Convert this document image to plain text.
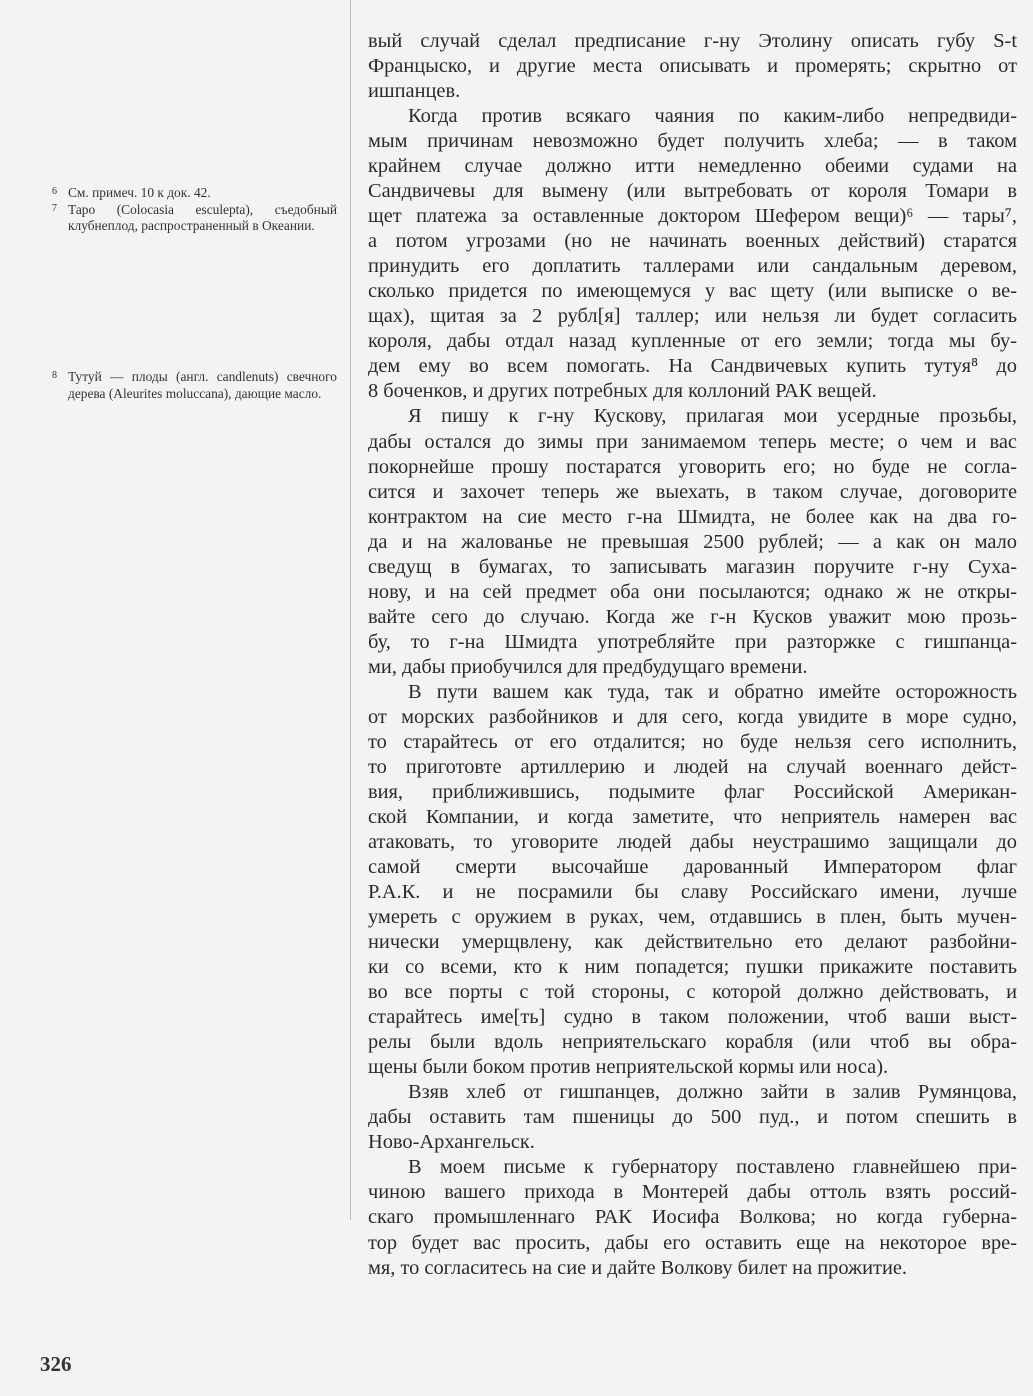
6 См. примеч. 10 к док. 42.
7 Таро (Colocasia esculepta), съедобный клубнеплод, распространенный в Океании.
8 Тутуй — плоды (англ. candlenuts) свечного дерева (Aleurites moluccana), дающие масло.
вый случай сделал предписание г-ну Этолину описать губу S-t
Францыско, и другие места описывать и промерять; скрытно от
ишпанцев.
Когда против всякаго чаяния по каким-либо непредвиди-
мым причинам невозможно будет получить хлеба; — в таком
крайнем случае должно итти немедленно обеими судами на
Сандвичевы для вымену (или вытребовать от короля Томари в
щет платежа за оставленные доктором Шефером вещи)⁶ — тары⁷,
а потом угрозами (но не начинать военных действий) старатся
принудить его доплатить таллерами или сандальным деревом,
сколько придется по имеющемуся у вас щету (или выписке о ве-
щах), щитая за 2 рубл[я] таллер; или нельзя ли будет согласить
короля, дабы отдал назад купленные от его земли; тогда мы бу-
дем ему во всем помогать. На Сандвичевых купить тутуя⁸ до
8 боченков, и других потребных для коллоний РАК вещей.
Я пишу к г-ну Кускову, прилагая мои усердные прозьбы,
дабы остался до зимы при занимаемом теперь месте; о чем и вас
покорнейше прошу постаратся уговорить его; но буде не согла-
сится и захочет теперь же выехать, в таком случае, договорите
контрактом на сие место г-на Шмидта, не более как на два го-
да и на жалованье не превышая 2500 рублей; — а как он мало
сведущ в бумагах, то записывать магазин поручите г-ну Суха-
нову, и на сей предмет оба они посылаются; однако ж не откры-
вайте сего до случаю. Когда же г-н Кусков уважит мою прозь-
бу, то г-на Шмидта употребляйте при разторжке с гишпанца-
ми, дабы приобучился для предбудущаго времени.
В пути вашем как туда, так и обратно имейте осторожность
от морских разбойников и для сего, когда увидите в море судно,
то старайтесь от его отдалится; но буде нельзя сего исполнить,
то приготовте артиллерию и людей на случай военнаго дейст-
вия, приближившись, подымите флаг Российской Американ-
ской Компании, и когда заметите, что неприятель намерен вас
атаковать, то уговорите людей дабы неустрашимо защищали до
самой смерти высочайше дарованный Императором флаг
Р.А.К. и не посрамили бы славу Российскаго имени, лучше
умереть с оружием в руках, чем, отдавшись в плен, быть мучен-
нически умерщвлену, как действительно ето делают разбойни-
ки со всеми, кто к ним попадется; пушки прикажите поставить
во все порты с той стороны, с которой должно действовать, и
старайтесь име[ть] судно в таком положении, чтоб ваши выст-
релы были вдоль неприятельскаго корабля (или чтоб вы обра-
щены были боком против неприятельской кормы или носа).
Взяв хлеб от гишпанцев, должно зайти в залив Румянцова,
дабы оставить там пшеницы до 500 пуд., и потом спешить в
Ново-Архангельск.
В моем письме к губернатору поставлено главнейшею при-
чиною вашего прихода в Монтерей дабы оттоль взять россий-
скаго промышленнаго РАК Иосифа Волкова; но когда губерна-
тор будет вас просить, дабы его оставить еще на некоторое вре-
мя, то согласитесь на сие и дайте Волкову билет на прожитие.
326
